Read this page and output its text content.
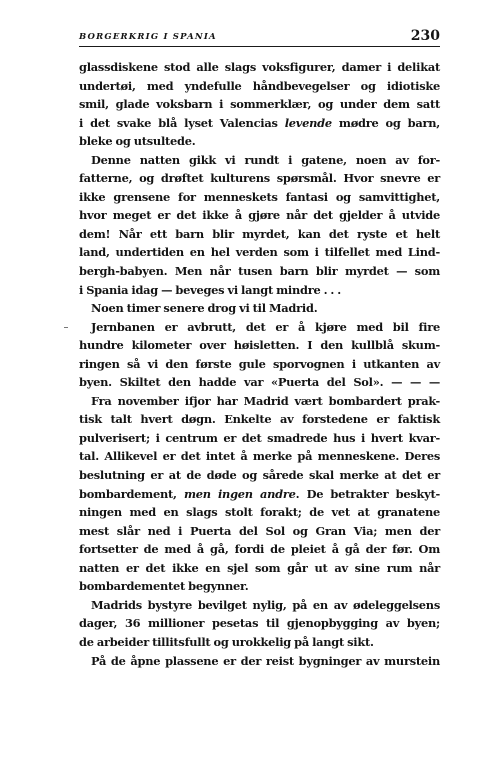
BORGERKRIG I SPANIA	230
glassdiskene stod alle slags voksfigurer, damer i delikat
undertøi, med yndefulle håndbevegelser og idiotiske
smil, glade voksbarn i sommerklær, og under dem satt
i det svake blå lyset Valencias levende mødre og barn,
bleke og utsultede.
Denne natten gikk vi rundt i gatene, noen av for-
fatterne, og drøftet kulturens spørsmål. Hvor snevre er
ikke grensene for menneskets fantasi og samvittighet,
hvor meget er det ikke å gjøre når det gjelder å utvide
dem! Når ett barn blir myrdet, kan det ryste et helt
land, undertiden en hel verden som i tilfellet med Lind-
bergh-babyen. Men når tusen barn blir myrdet — som
i Spania idag — beveges vi langt mindre . . .
Noen timer senere drog vi til Madrid.
Jernbanen er avbrutt, det er å kjøre med bil fire
hundre kilometer over høisletten. I den kullblå skum-
ringen så vi den første gule sporvognen i utkanten av
byen. Skiltet den hadde var «Puerta del Sol». — — —
Fra november ifjor har Madrid vært bombardert prak-
tisk talt hvert døgn. Enkelte av forstedene er faktisk
pulverisert; i centrum er det smadrede hus i hvert kvar-
tal. Allikevel er det intet å merke på menneskene. Deres
beslutning er at de døde og sårede skal merke at det er
bombardement, men ingen andre. De betrakter beskyt-
ningen med en slags stolt forakt; de vet at granatene
mest slår ned i Puerta del Sol og Gran Via; men der
fortsetter de med å gå, fordi de pleiet å gå der før. Om
natten er det ikke en sjel som går ut av sine rum når
bombardementet begynner.
Madrids bystyre bevilget nylig, på en av ødeleggelsens
dager, 36 millioner pesetas til gjenopbygging av byen;
de arbeider tillitsfullt og urokkelig på langt sikt.
På de åpne plassene er der reist bygninger av murstein
